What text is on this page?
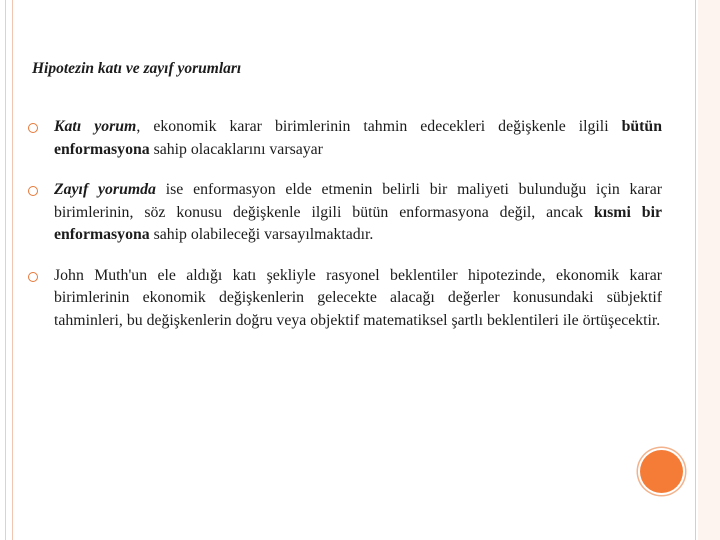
Hipotezin katı ve zayıf yorumları
Katı yorum, ekonomik karar birimlerinin tahmin edecekleri değişkenle ilgili bütün enformasyona sahip olacaklarını varsayar
Zayıf yorumda ise enformasyon elde etmenin belirli bir maliyeti bulunduğu için karar birimlerinin, söz konusu değişkenle ilgili bütün enformasyona değil, ancak kısmi bir enformasyona sahip olabileceği varsayılmaktadır.
John Muth'un ele aldığı katı şekliyle rasyonel beklentiler hipotezinde, ekonomik karar birimlerinin ekonomik değişkenlerin gelecekte alacağı değerler konusundaki sübjektif tahminleri, bu değişkenlerin doğru veya objektif matematiksel şartlı beklentileri ile örtüşecektir.
